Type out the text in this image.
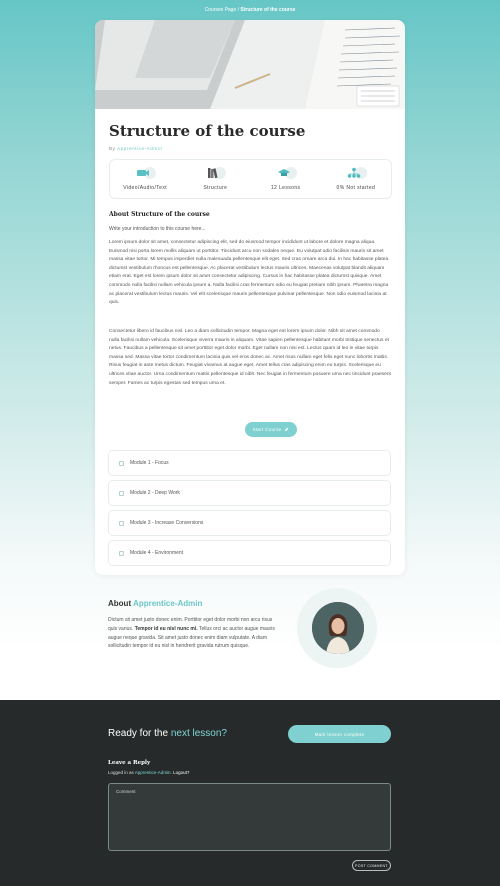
Courses Page / Structure of the course
Structure of the course
By Apprentice-Admin
Video/Audio/Text	Structure	12 Lessons	0% Not started
About Structure of the course

Write your introduction to this course here...

Lorem ipsum dolor sit amet, consectetur adipiscing elit, sed do eiusmod tempor incididunt ut labore et dolore magna aliqua. Euismod nisi porta lorem mollis aliquam ut porttitor. Tincidunt arcu non sodales neque. Eu volutpat odio facilisis mauris sit amet massa vitae tortor. Mi tempus imperdiet nulla malesuada pellentesque elit eget. Sed cras ornare arcu dui. In hac habitasse platea dictumst vestibulum rhoncus est pellentesque. Ac placerat vestibulum lectus mauris ultrices. Maecenas volutpat blandit aliquam etiam erat. Eget est lorem ipsum dolor sit amet consectetur adipiscing. Cursus in hac habitasse platea dictumst quisque. Amet commodo nulla facilisi nullam vehicula ipsum a. Nulla facilisi cras fermentum odio eu feugiat pretium nibh ipsum. Pharetra magna ac placerat vestibulum lectus mauris. Vel elit scelerisque mauris pellentesque pulvinar pellentesque. Non odio euismod lacinia at quis.

Consectetur libero id faucibus nisl. Leo a diam sollicitudin tempor. Magna eget est lorem ipsum dolor. Nibh sit amet commodo nulla facilisi nullam vehicula. Scelerisque viverra mauris in aliquam. Vitae sapien pellentesque habitant morbi tristique senectus et netus. Faucibus a pellentesque sit amet porttitor eget dolor morbi. Eget nullam non nisi est. Lectus quam id leo in vitae turpis massa sed. Massa vitae tortor condimentum lacinia quis vel eros donec ac. Amet risus nullam eget felis eget nunc lobortis mattis. Risus feugiat in ante metus dictum. Feugiat vivamus at augue eget. Amet tellus cras adipiscing enim eu turpis. Scelerisque eu ultrices vitae auctor. Urna condimentum mattis pellentesque id nibh. Nec feugiat in fermentum posuere urna nec tincidunt praesent semper. Fames ac turpis egestas sed tempus urna et.

Start Course
Module 1 - Focus
Module 2 - Deep Work
Module 3 - Increase Conversions
Module 4 - Environment
About Apprentice-Admin

Dictum sit amet justo donec enim. Porttitor eget dolor morbi non arcu risus quis varius. Tempor id eu nisl nunc mi. Tellus orci ac auctor augue mauris augue neque gravida. Sit amet justo donec enim diam vulputate. A diam sollicitudin tempor id eu nisl in hendrerit gravida rutrum quisque.

Ready for the next lesson?	Mark lesson complete
Leave a Reply
Logged in as Apprentice-Admin. Logout?
Comment
POST COMMENT
